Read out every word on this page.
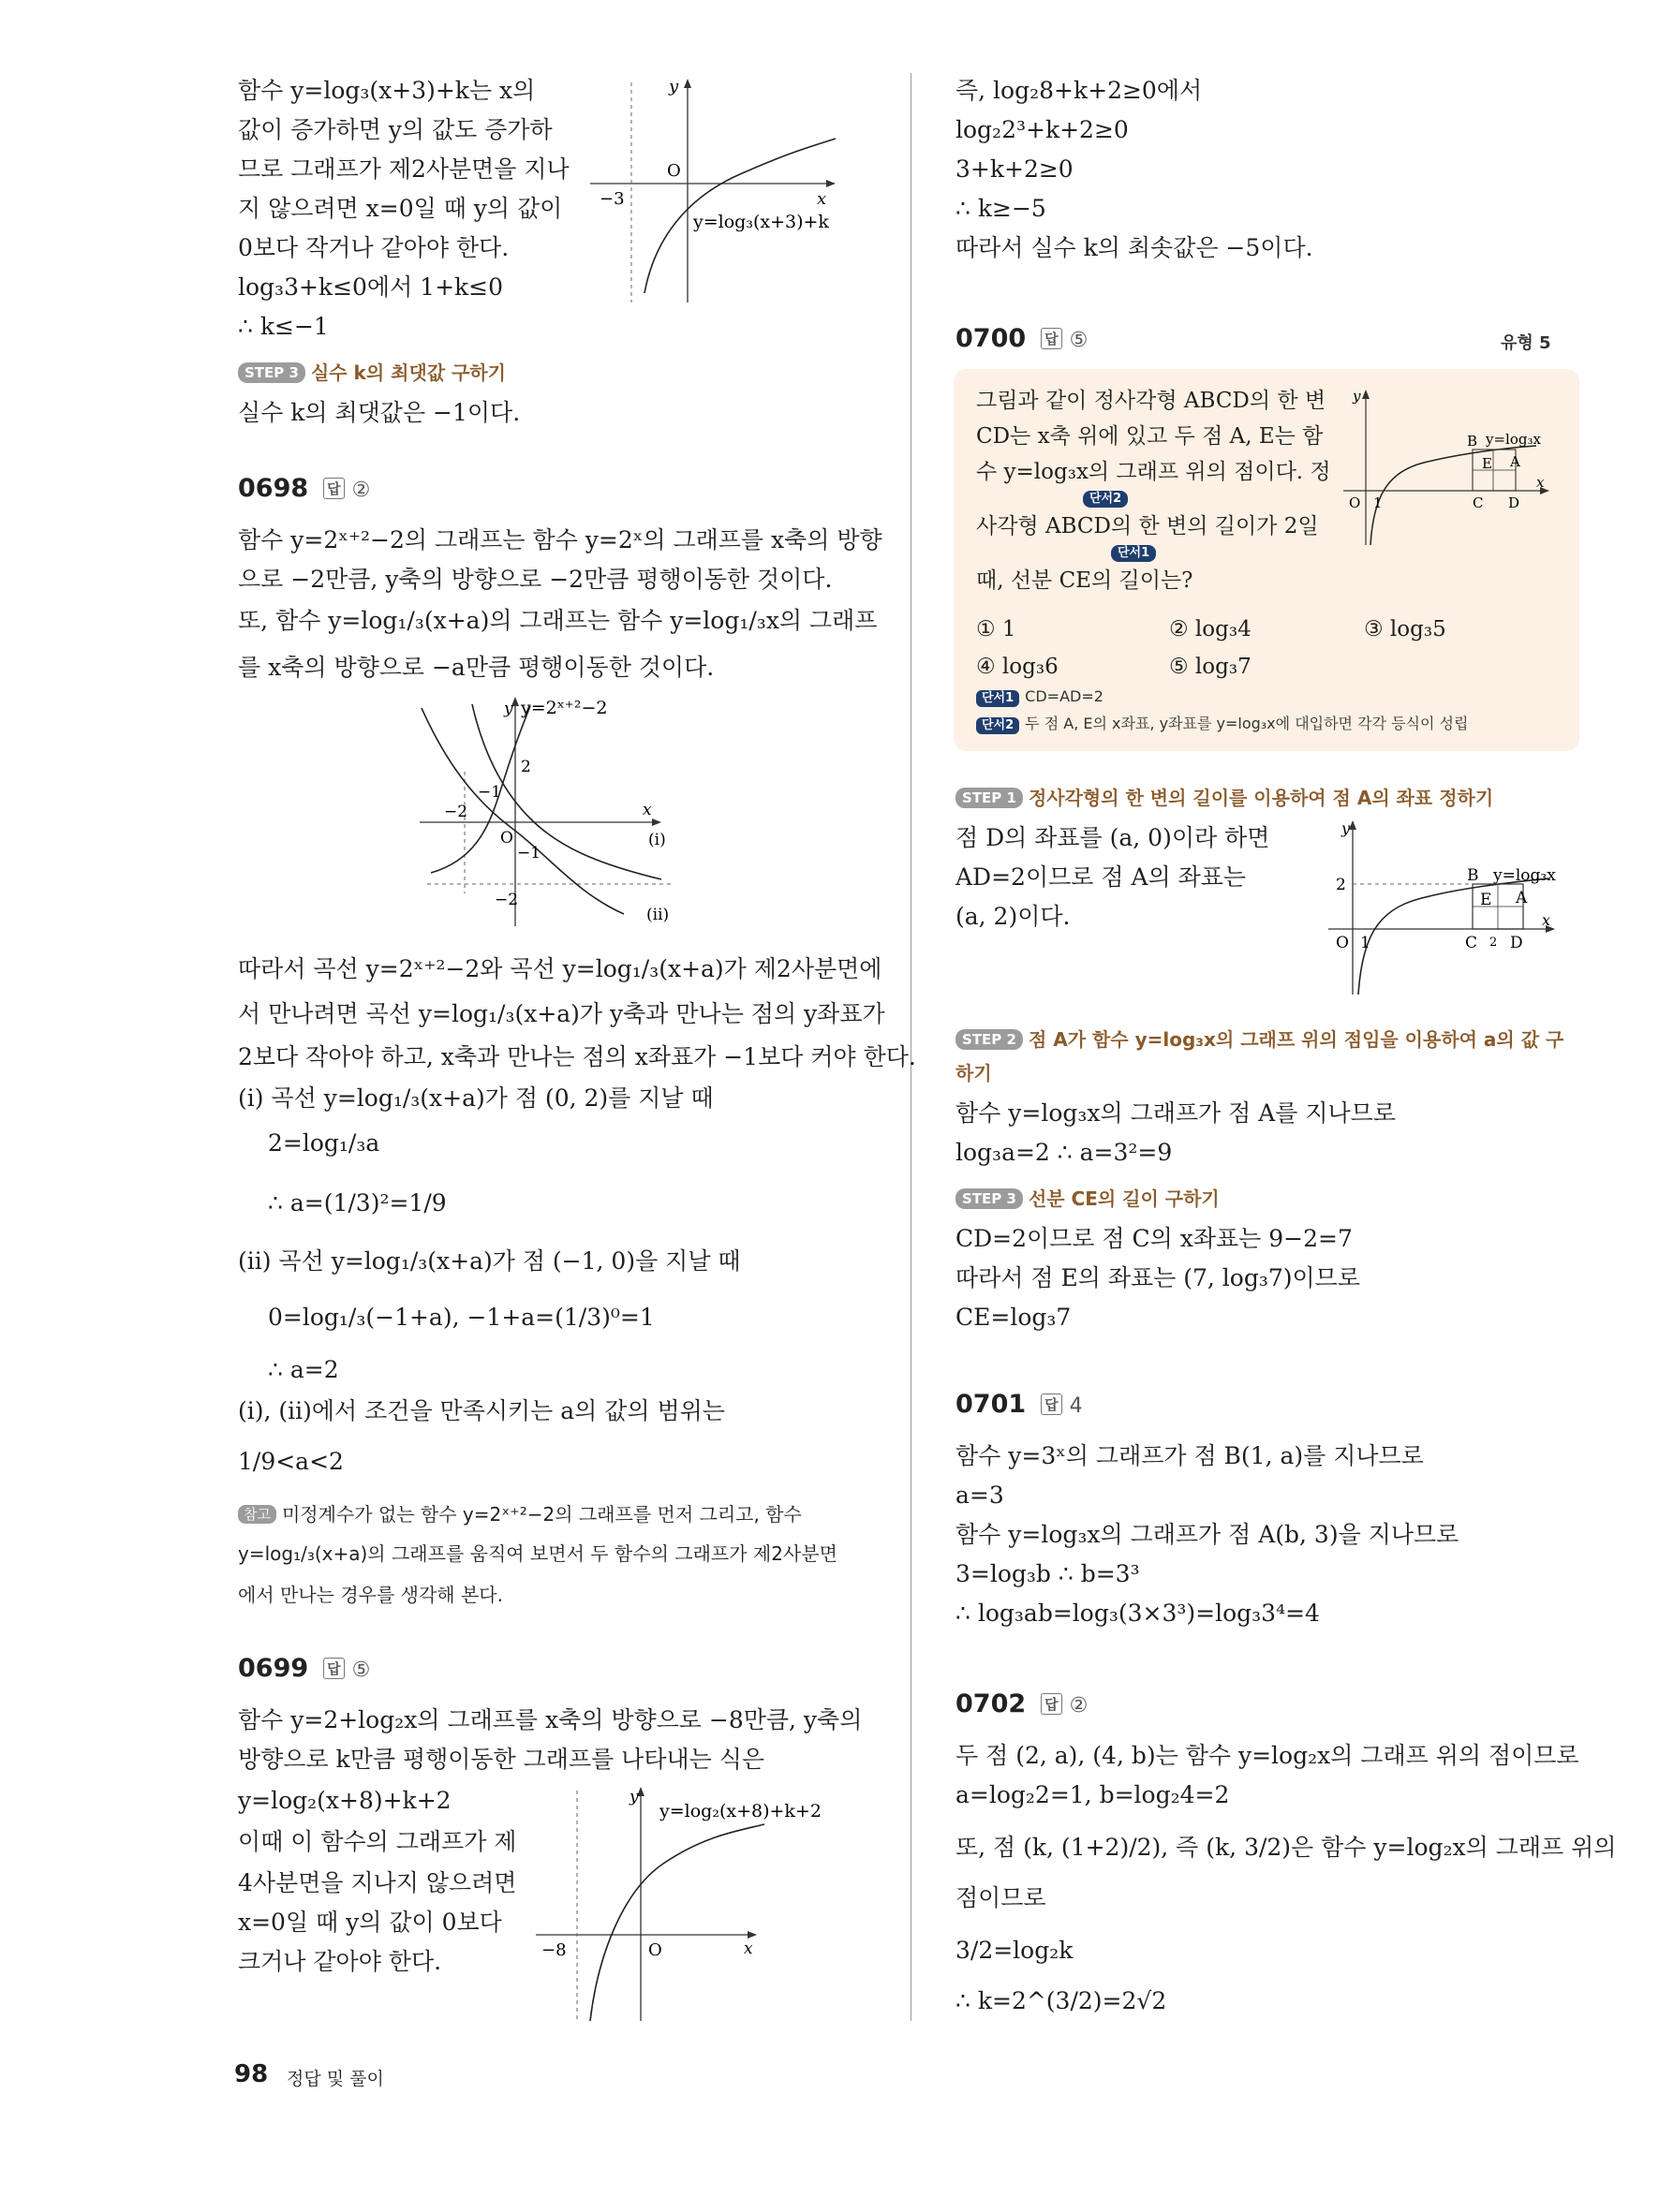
함수 y=log₃(x+3)+k는 x의
값이 증가하면 y의 값도 증가하
므로 그래프가 제2사분면을 지나
지 않으려면 x=0일 때 y의 값이
0보다 작거나 같아야 한다.
log₃3+k≤0에서 1+k≤0
∴ k≤−1
y
x
O
−3
y=log₃(x+3)+k
STEP 3 실수 k의 최댓값 구하기
실수 k의 최댓값은 −1이다.
0698 답 ②
함수 y=2ˣ⁺²−2의 그래프는 함수 y=2ˣ의 그래프를 x축의 방향
으로 −2만큼, y축의 방향으로 −2만큼 평행이동한 것이다.
또, 함수 y=log₁/₃(x+a)의 그래프는 함수 y=log₁/₃x의 그래프
를 x축의 방향으로 −a만큼 평행이동한 것이다.
y
x
y=2ˣ⁺²−2
2
−1
−2
O
−1
−2
(i)
(ii)
따라서 곡선 y=2ˣ⁺²−2와 곡선 y=log₁/₃(x+a)가 제2사분면에
서 만나려면 곡선 y=log₁/₃(x+a)가 y축과 만나는 점의 y좌표가
2보다 작아야 하고, x축과 만나는 점의 x좌표가 −1보다 커야 한다.
(i) 곡선 y=log₁/₃(x+a)가 점 (0, 2)를 지날 때
2=log₁/₃a
∴ a=(1/3)²=1/9
(ii) 곡선 y=log₁/₃(x+a)가 점 (−1, 0)을 지날 때
0=log₁/₃(−1+a), −1+a=(1/3)⁰=1
∴ a=2
(i), (ii)에서 조건을 만족시키는 a의 값의 범위는
1/9<a<2
참고 미정계수가 없는 함수 y=2ˣ⁺²−2의 그래프를 먼저 그리고, 함수
y=log₁/₃(x+a)의 그래프를 움직여 보면서 두 함수의 그래프가 제2사분면
에서 만나는 경우를 생각해 본다.
0699 답 ⑤
함수 y=2+log₂x의 그래프를 x축의 방향으로 −8만큼, y축의
방향으로 k만큼 평행이동한 그래프를 나타내는 식은
y=log₂(x+8)+k+2
이때 이 함수의 그래프가 제
4사분면을 지나지 않으려면
x=0일 때 y의 값이 0보다
크거나 같아야 한다.
y
x
O
−8
y=log₂(x+8)+k+2
즉, log₂8+k+2≥0에서
log₂2³+k+2≥0
3+k+2≥0
∴ k≥−5
따라서 실수 k의 최솟값은 −5이다.
0700 답 ⑤	유형 5
그림과 같이 정사각형 ABCD의 한 변
CD는 x축 위에 있고 두 점 A, E는 함
수 y=log₃x의 그래프 위의 점이다. 정
단서2
사각형 ABCD의 한 변의 길이가 2일
단서1
때, 선분 CE의 길이는?
① 1	② log₃4	③ log₃5
④ log₃6	⑤ log₃7
단서1 CD=AD=2
단서2 두 점 A, E의 x좌표, y좌표를 y=log₃x에 대입하면 각각 등식이 성립
y
x
O 1
B
E A
C D
y=log₃x
STEP 1 정사각형의 한 변의 길이를 이용하여 점 A의 좌표 정하기
점 D의 좌표를 (a, 0)이라 하면
AD=2이므로 점 A의 좌표는
(a, 2)이다.
y
x
O 1
2	B
E A
C 2 D
y=log₃x
STEP 2 점 A가 함수 y=log₃x의 그래프 위의 점임을 이용하여 a의 값 구
하기
함수 y=log₃x의 그래프가 점 A를 지나므로
log₃a=2 ∴ a=3²=9
STEP 3 선분 CE의 길이 구하기
CD=2이므로 점 C의 x좌표는 9−2=7
따라서 점 E의 좌표는 (7, log₃7)이므로
CE=log₃7
0701 답 4
함수 y=3ˣ의 그래프가 점 B(1, a)를 지나므로
a=3
함수 y=log₃x의 그래프가 점 A(b, 3)을 지나므로
3=log₃b ∴ b=3³
∴ log₃ab=log₃(3×3³)=log₃3⁴=4
0702 답 ②
두 점 (2, a), (4, b)는 함수 y=log₂x의 그래프 위의 점이므로
a=log₂2=1, b=log₂4=2
또, 점 (k, (1+2)/2), 즉 (k, 3/2)은 함수 y=log₂x의 그래프 위의
점이므로
3/2=log₂k
∴ k=2^(3/2)=2√2
98 정답 및 풀이
